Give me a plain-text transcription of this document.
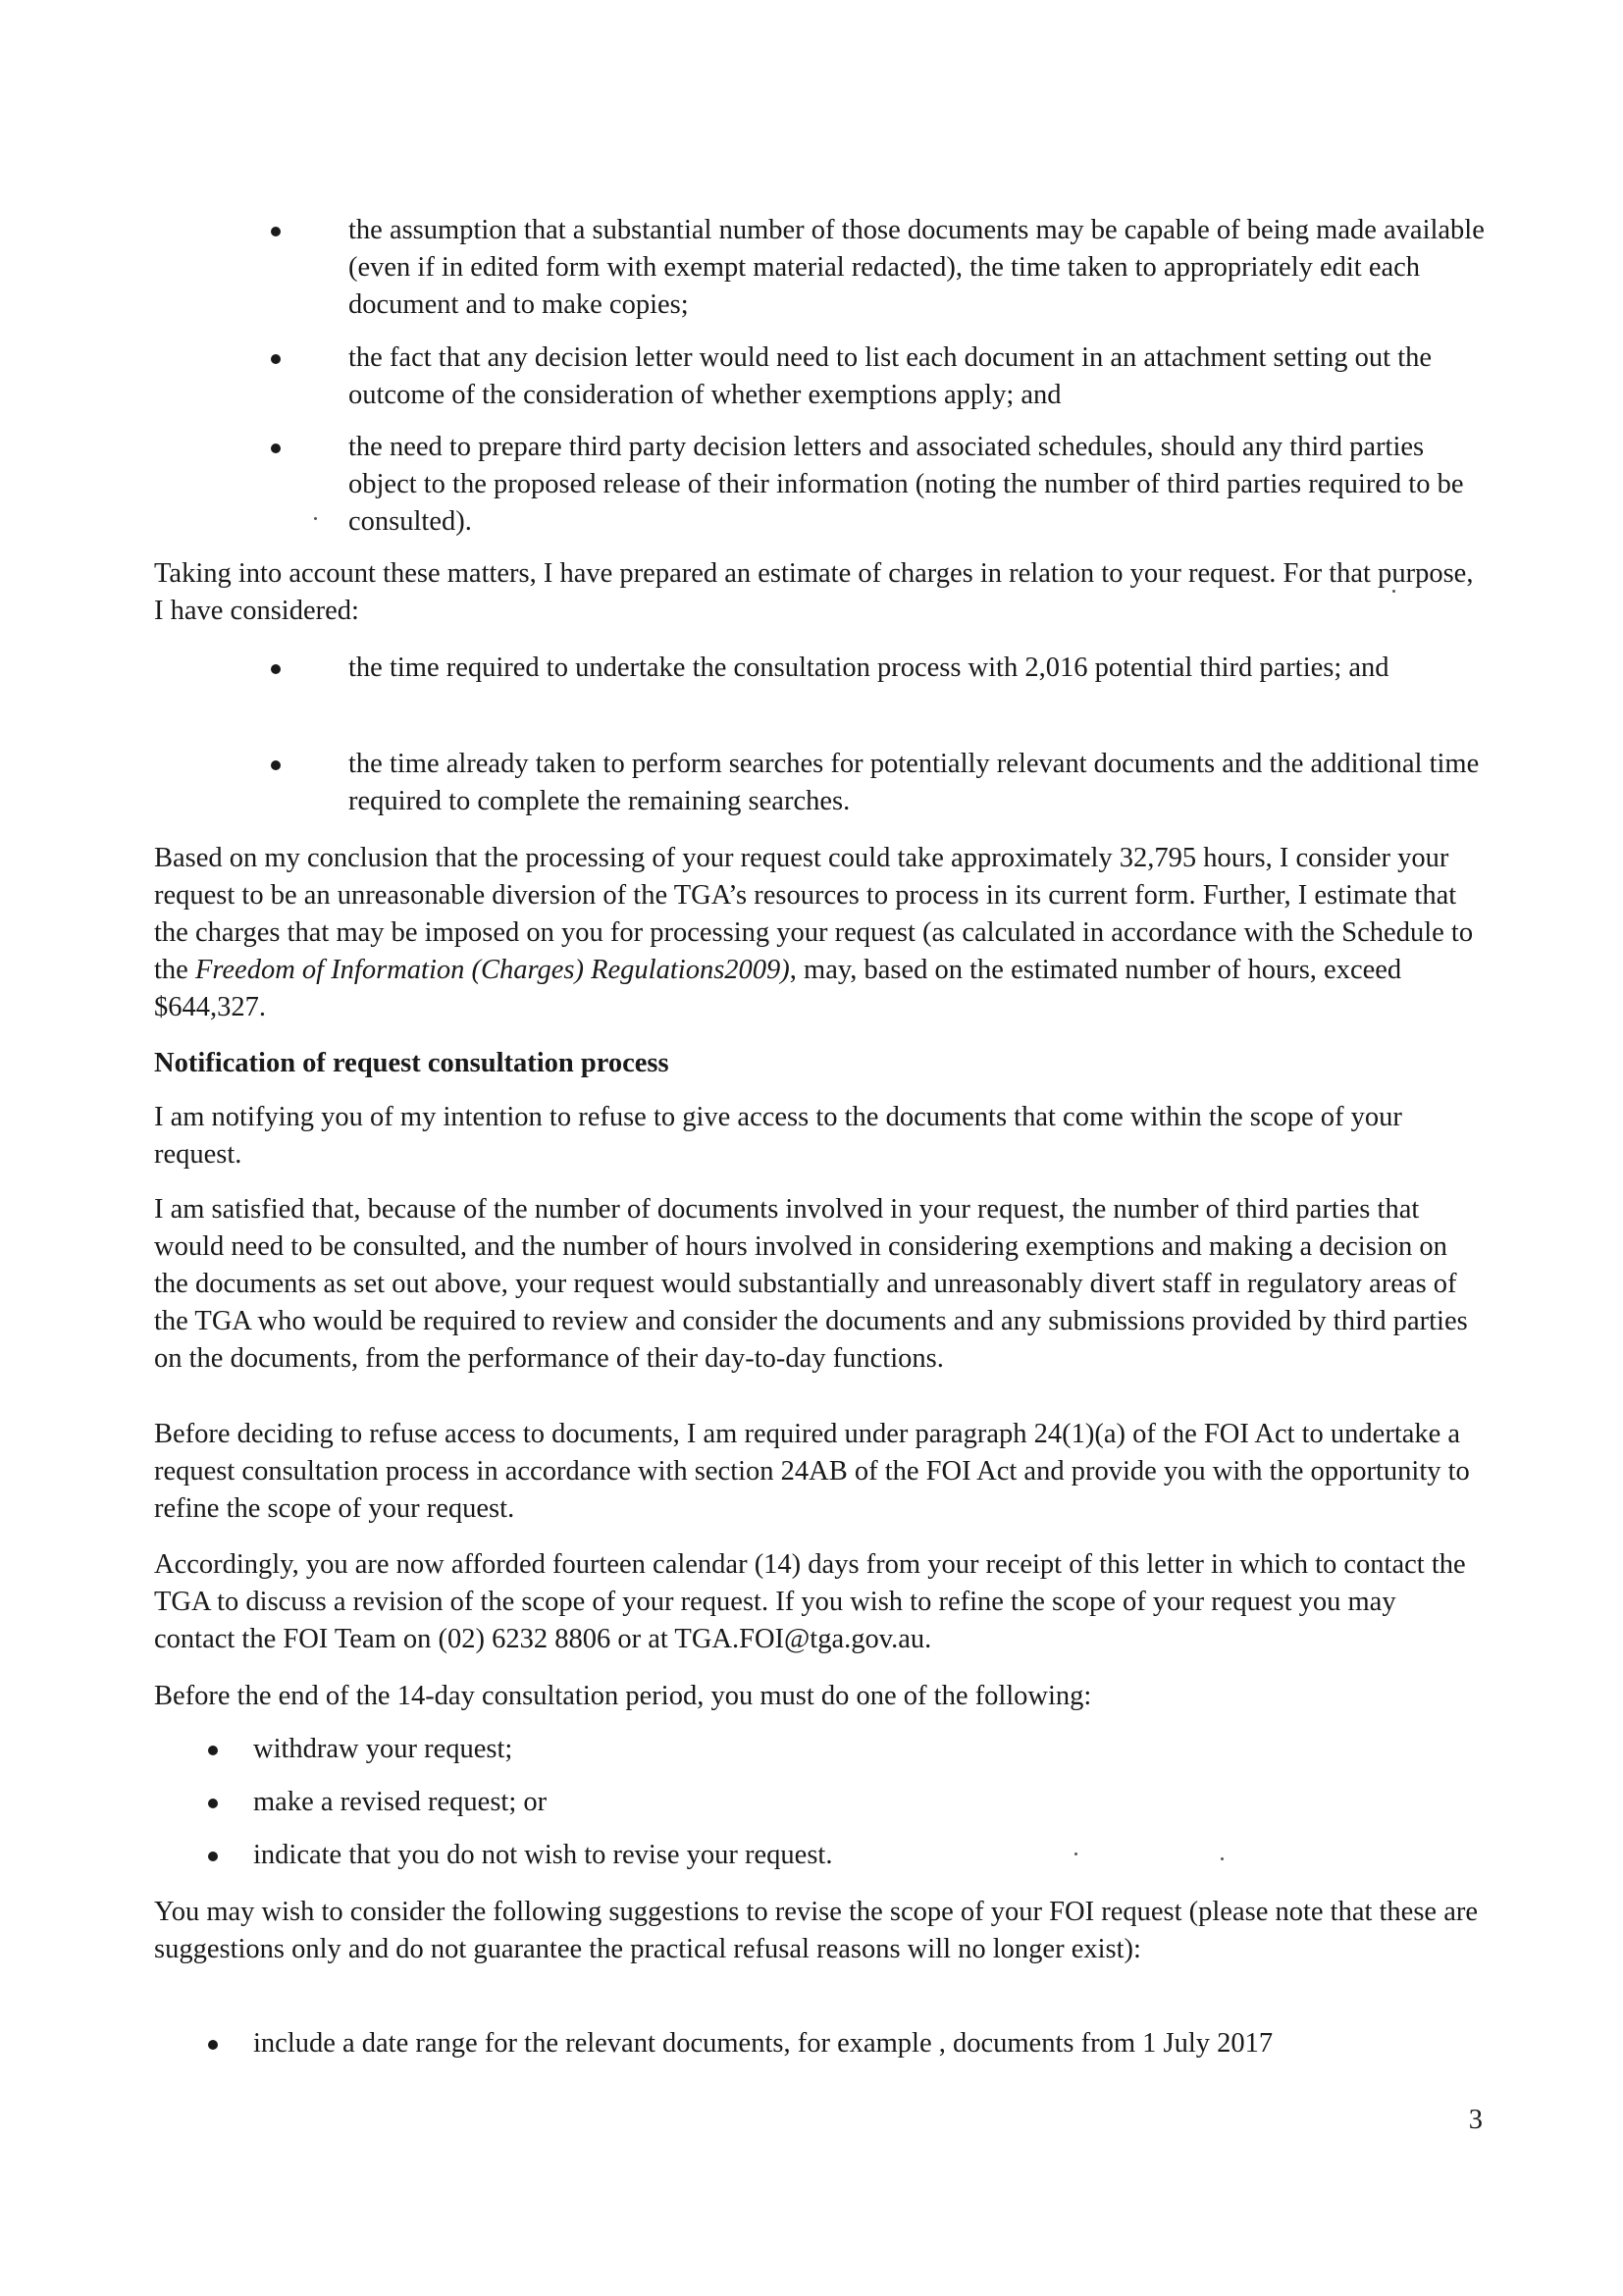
the assumption that a substantial number of those documents may be capable of being made available (even if in edited form with exempt material redacted), the time taken to appropriately edit each document and to make copies;

the fact that any decision letter would need to list each document in an attachment setting out the outcome of the consideration of whether exemptions apply; and

the need to prepare third party decision letters and associated schedules, should any third parties object to the proposed release of their information (noting the number of third parties required to be consulted).

Taking into account these matters, I have prepared an estimate of charges in relation to your request. For that purpose, I have considered:

the time required to undertake the consultation process with 2,016 potential third parties; and

the time already taken to perform searches for potentially relevant documents and the additional time required to complete the remaining searches.

Based on my conclusion that the processing of your request could take approximately 32,795 hours, I consider your request to be an unreasonable diversion of the TGA’s resources to process in its current form. Further, I estimate that the charges that may be imposed on you for processing your request (as calculated in accordance with the Schedule to the Freedom of Information (Charges) Regulations2009), may, based on the estimated number of hours, exceed $644,327.

Notification of request consultation process

I am notifying you of my intention to refuse to give access to the documents that come within the scope of your request.

I am satisfied that, because of the number of documents involved in your request, the number of third parties that would need to be consulted, and the number of hours involved in considering exemptions and making a decision on the documents as set out above, your request would substantially and unreasonably divert staff in regulatory areas of the TGA who would be required to review and consider the documents and any submissions provided by third parties on the documents, from the performance of their day-to-day functions.

Before deciding to refuse access to documents, I am required under paragraph 24(1)(a) of the FOI Act to undertake a request consultation process in accordance with section 24AB of the FOI Act and provide you with the opportunity to refine the scope of your request.

Accordingly, you are now afforded fourteen calendar (14) days from your receipt of this letter in which to contact the TGA to discuss a revision of the scope of your request. If you wish to refine the scope of your request you may contact the FOI Team on (02) 6232 8806 or at TGA.FOI@tga.gov.au.

Before the end of the 14-day consultation period, you must do one of the following:

withdraw your request;

make a revised request; or

indicate that you do not wish to revise your request.

You may wish to consider the following suggestions to revise the scope of your FOI request (please note that these are suggestions only and do not guarantee the practical refusal reasons will no longer exist):

include a date range for the relevant documents, for example , documents from 1 July 2017

3
